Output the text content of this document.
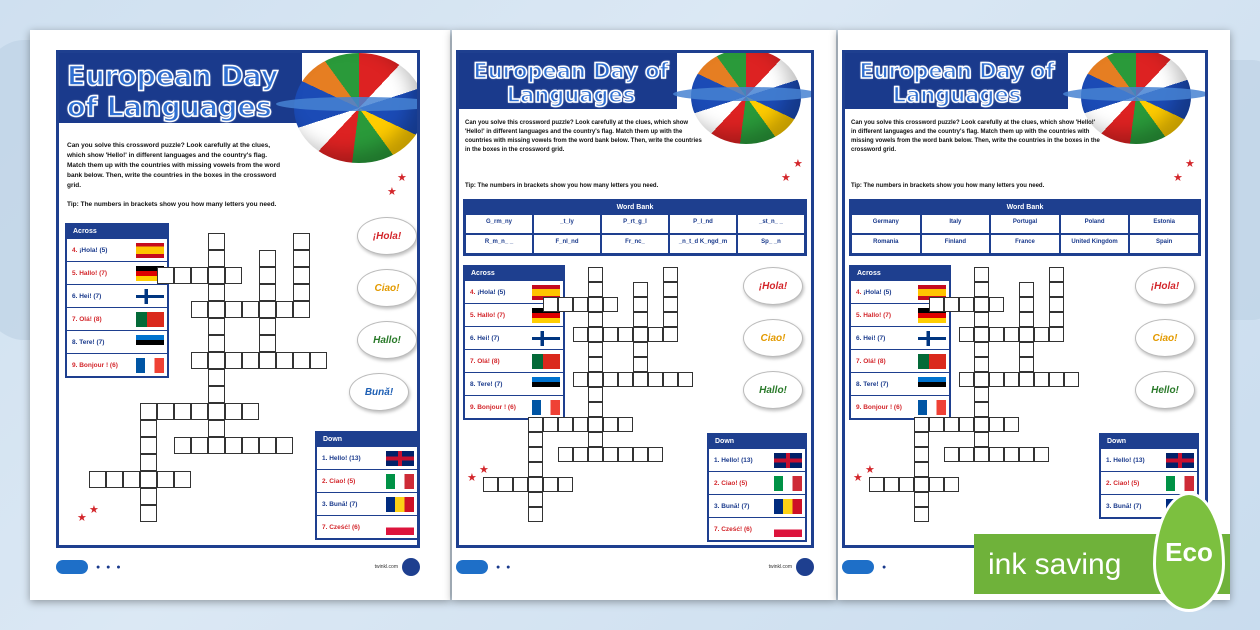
European Day of Languages
Can you solve this crossword puzzle? Look carefully at the clues, which show 'Hello!' in different languages and the country's flag. Match them up with the countries with missing vowels from the word bank below. Then, write the countries in the boxes in the crossword grid.
Tip: The numbers in brackets show you how many letters you need.
★
★
Across
4. ¡Hola! (5)
5. Hallo! (7)
6. Hei! (7)
7. Olá! (8)
8. Tere! (7)
9. Bonjour ! (6)
¡Hola!
Ciao!
Hallo!
Bună!
Down
1. Hello! (13)
2. Ciao! (5)
3. Bună! (7)
7. Cześć! (6)
★
★
● ● ●	twinkl.com
European Day of Languages
Can you solve this crossword puzzle? Look carefully at the clues, which show 'Hello!' in different languages and the country's flag. Match them up with the countries with missing vowels from the word bank below. Then, write the countries in the boxes in the crossword grid.
Tip: The numbers in brackets show you how many letters you need.
★
★
Word Bank
G_rm_ny	_t_ly	P_rt_g_l	P_l_nd	_st_n_ _
R_m_n_ _	F_nl_nd	Fr_nc_	_n_t_d K_ngd_m	Sp_ _n
Across
4. ¡Hola! (5)
5. Hallo! (7)
6. Hei! (7)
7. Olá! (8)
8. Tere! (7)
9. Bonjour ! (6)
¡Hola!
Ciao!
Hallo!
Down
1. Hello! (13)
2. Ciao! (5)
3. Bună! (7)
7. Cześć! (6)
★
★
● ●	twinkl.com
European Day of Languages
Can you solve this crossword puzzle? Look carefully at the clues, which show 'Hello!' in different languages and the country's flag. Match them up with the countries with missing vowels from the word bank below. Then, write the countries in the boxes in the crossword grid.
Tip: The numbers in brackets show you how many letters you need.
★
★
Word Bank
Germany	Italy	Portugal	Poland	Estonia
Romania	Finland	France	United Kingdom	Spain
Across
4. ¡Hola! (5)
5. Hallo! (7)
6. Hei! (7)
7. Olá! (8)
8. Tere! (7)
9. Bonjour ! (6)
¡Hola!
Ciao!
Hello!
Down
1. Hello! (13)
2. Ciao! (5)
3. Bună! (7)
★
★
●	ink saving Eco
